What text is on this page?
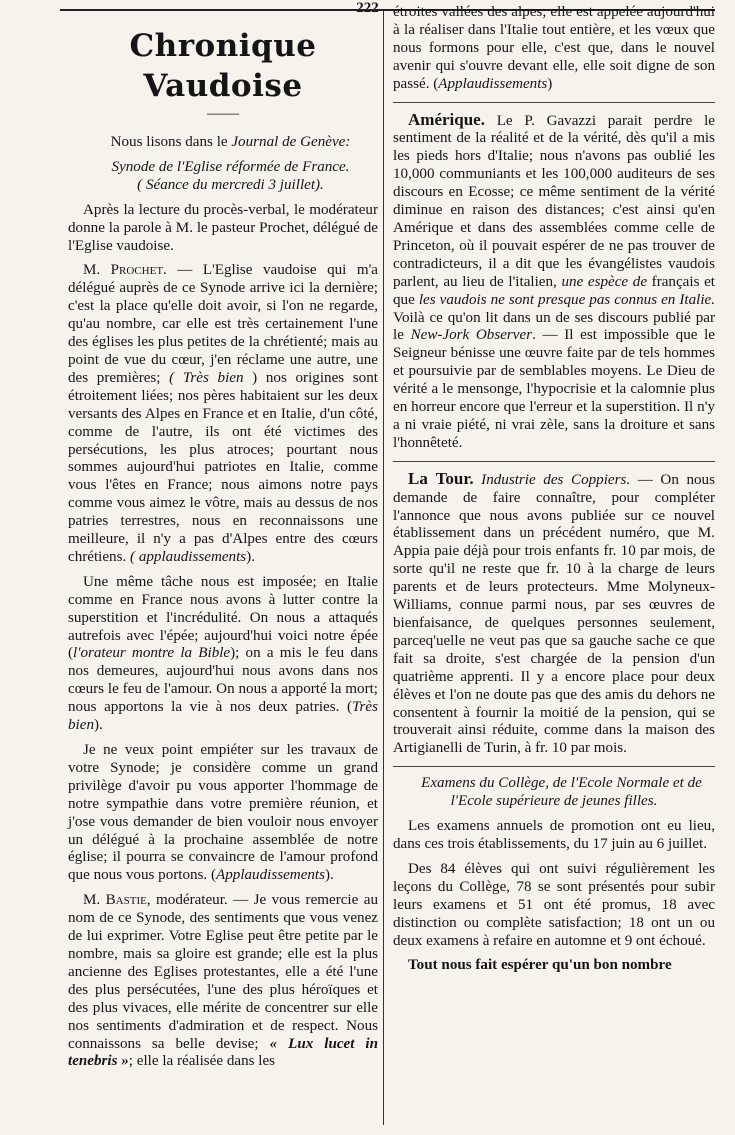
222
Chronique Vaudoise
——

Nous lisons dans le Journal de Genève:

Synode de l'Eglise réformée de France.

( Séance du mercredi 3 juillet).

Après la lecture du procès-verbal, le modérateur donne la parole à M. le pasteur Prochet, délégué de l'Eglise vaudoise.

M. Prochet. — L'Eglise vaudoise qui m'a délégué auprès de ce Synode arrive ici la dernière; c'est la place qu'elle doit avoir, si l'on ne regarde, qu'au nombre, car elle est très certainement l'une des églises les plus petites de la chrétienté; mais au point de vue du cœur, j'en réclame une autre, une des premières; ( Très bien ) nos origines sont étroitement liées; nos pères habitaient sur les deux versants des Alpes en France et en Italie, d'un côté, comme de l'autre, ils ont été victimes des persécutions, les plus atroces; pourtant nous sommes aujourd'hui patriotes en Italie, comme vous l'êtes en France; nous aimons notre pays comme vous aimez le vôtre, mais au dessus de nos patries terrestres, nous en reconnaissons une meilleure, il n'y a pas d'Alpes entre des cœurs chrétiens. ( applaudissements).

Une même tâche nous est imposée; en Italie comme en France nous avons à lutter contre la superstition et l'incrédulité. On nous a attaqués autrefois avec l'épée; aujourd'hui voici notre épée (l'orateur montre la Bible); on a mis le feu dans nos demeures, aujourd'hui nous avons dans nos cœurs le feu de l'amour. On nous a apporté la mort; nous apportons la vie à nos deux patries. (Très bien).

Je ne veux point empiéter sur les travaux de votre Synode; je considère comme un grand privilège d'avoir pu vous apporter l'hommage de notre sympathie dans votre première réunion, et j'ose vous demander de bien vouloir nous envoyer un délégué à la prochaine assemblée de notre église; il pourra se convaincre de l'amour profond que nous vous portons. (Applaudissements).

M. Bastie, modérateur. — Je vous remercie au nom de ce Synode, des sentiments que vous venez de lui exprimer. Votre Eglise peut être petite par le nombre, mais sa gloire est grande; elle est la plus ancienne des Eglises protestantes, elle a été l'une des plus persécutées, l'une des plus héroïques et des plus vivaces, elle mérite de concentrer sur elle nos sentiments d'admiration et de respect. Nous connaissons sa belle devise; « Lux lucet in tenebris »; elle la réalisée dans les

étroites vallées des alpes; elle est appelée aujourd'hui à la réaliser dans l'Italie tout entière, et les vœux que nous formons pour elle, c'est que, dans le nouvel avenir qui s'ouvre devant elle, elle soit digne de son passé. (Applaudissements)

Amérique. Le P. Gavazzi parait perdre le sentiment de la réalité et de la vérité, dès qu'il a mis les pieds hors d'Italie; nous n'avons pas oublié les 10,000 communiants et les 100,000 auditeurs de ses discours en Ecosse; ce même sentiment de la vérité diminue en raison des distances; c'est ainsi qu'en Amérique et dans des assemblées comme celle de Princeton, où il pouvait espérer de ne pas trouver de contradicteurs, il a dit que les évangélistes vaudois parlent, au lieu de l'italien, une espèce de français et que les vaudois ne sont presque pas connus en Italie. Voilà ce qu'on lit dans un de ses discours publié par le New-Jork Observer. — Il est impossible que le Seigneur bénisse une œuvre faite par de tels hommes et poursuivie par de semblables moyens. Le Dieu de vérité a le mensonge, l'hypocrisie et la calomnie plus en horreur encore que l'erreur et la superstition. Il n'y a ni vraie piété, ni vrai zèle, sans la droiture et sans l'honnêteté.

La Tour. Industrie des Coppiers. — On nous demande de faire connaître, pour compléter l'annonce que nous avons publiée sur ce nouvel établissement dans un précédent numéro, que M. Appia paie déjà pour trois enfants fr. 10 par mois, de sorte qu'il ne reste que fr. 10 à la charge de leurs parents et de leurs protecteurs. Mme Molyneux-Williams, connue parmi nous, par ses œuvres de bienfaisance, de quelques personnes seulement, parceq'uelle ne veut pas que sa gauche sache ce que fait sa droite, s'est chargée de la pension d'un quatrième apprenti. Il y a encore place pour deux élèves et l'on ne doute pas que des amis du dehors ne consentent à fournir la moitié de la pension, qui se trouverait ainsi réduite, comme dans la maison des Artigianelli de Turin, à fr. 10 par mois.

Examens du Collège, de l'Ecole Normale et de l'Ecole supérieure de jeunes filles.

Les examens annuels de promotion ont eu lieu, dans ces trois établissements, du 17 juin au 6 juillet.

Des 84 élèves qui ont suivi régulièrement les leçons du Collège, 78 se sont présentés pour subir leurs examens et 51 ont été promus, 18 avec distinction ou complète satisfaction; 18 ont un ou deux examens à refaire en automne et 9 ont échoué.

Tout nous fait espérer qu'un bon nombre
